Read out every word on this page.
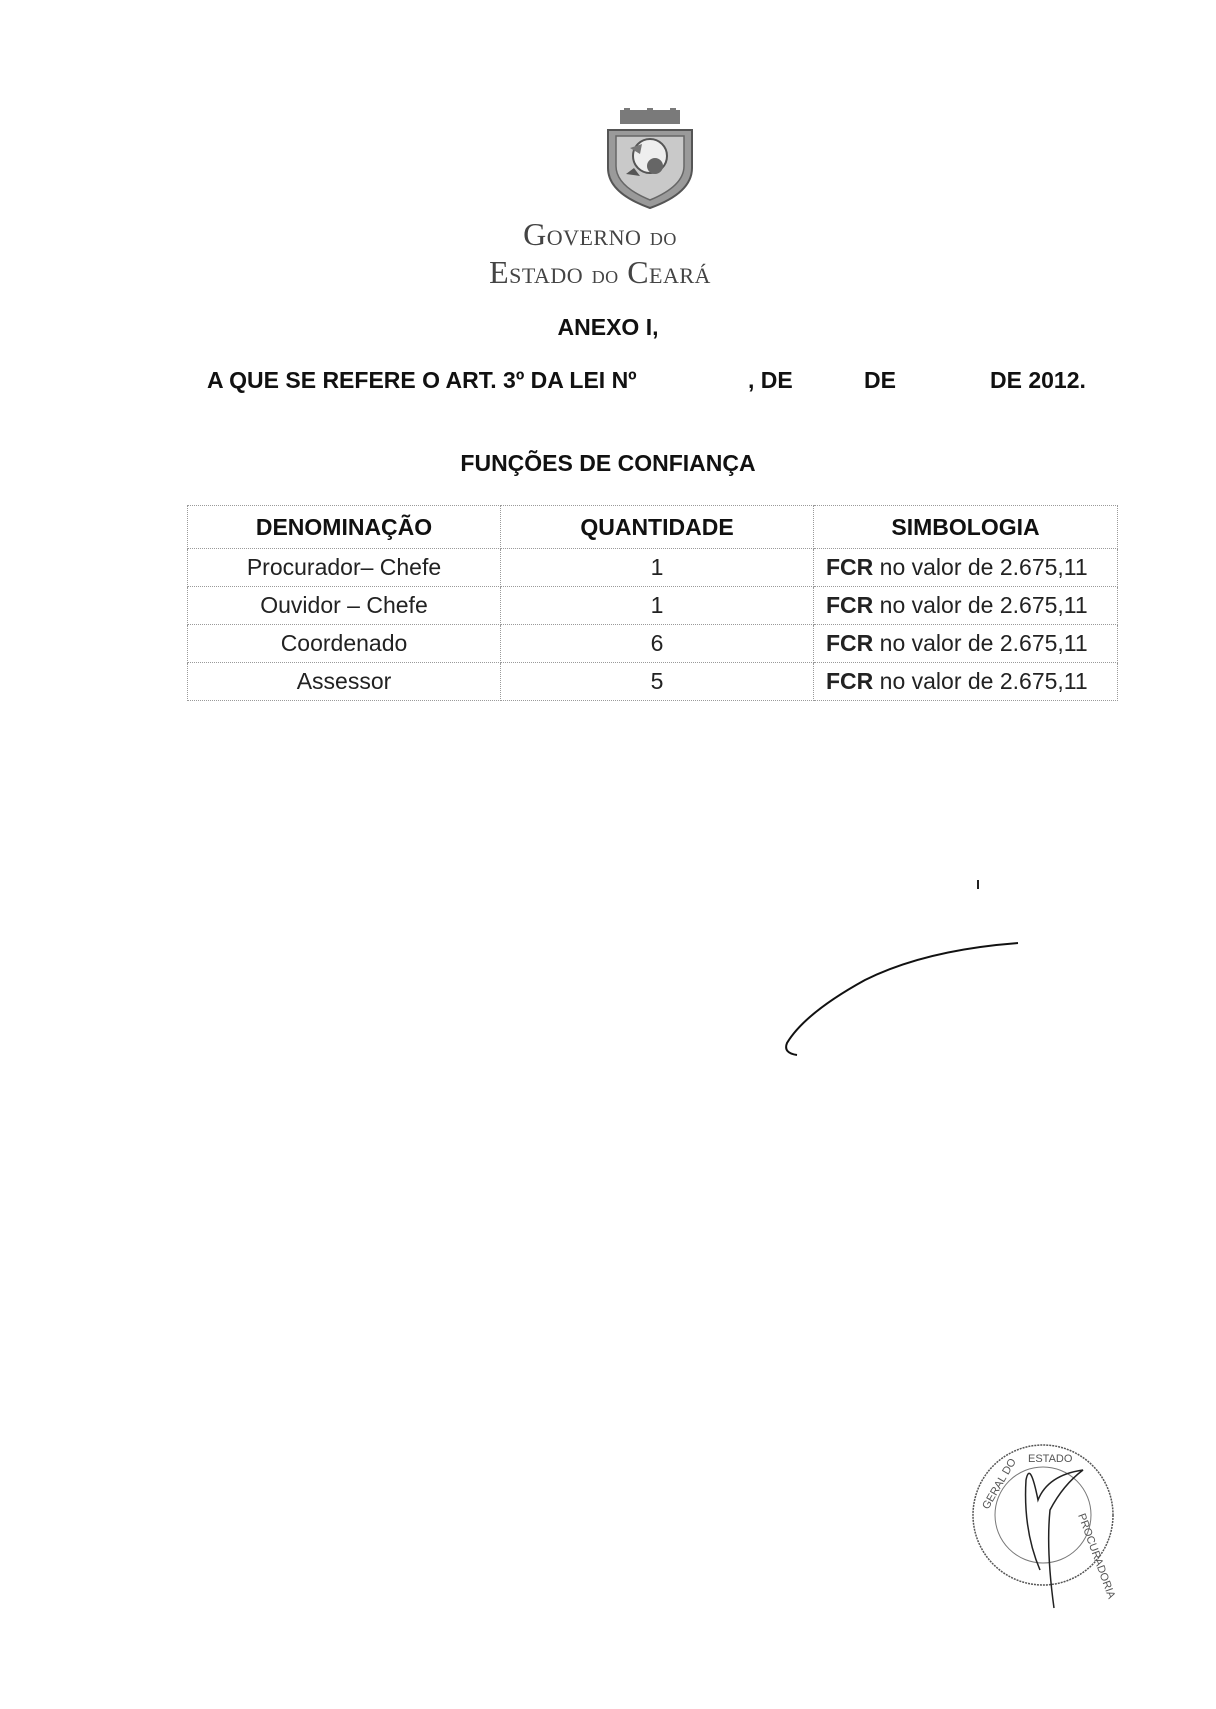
Governo do
Estado do Ceará
ANEXO I,
A QUE SE REFERE O ART. 3º DA LEI Nº	, DE	DE	DE 2012.
FUNÇÕES DE CONFIANÇA
DENOMINAÇÃO	QUANTIDADE	SIMBOLOGIA
Procurador– Chefe	1	FCR no valor de 2.675,11
Ouvidor – Chefe	1	FCR no valor de 2.675,11
Coordenado	6	FCR no valor de 2.675,11
Assessor	5	FCR no valor de 2.675,11
GERAL DO ESTADO
PROCURADORIA
